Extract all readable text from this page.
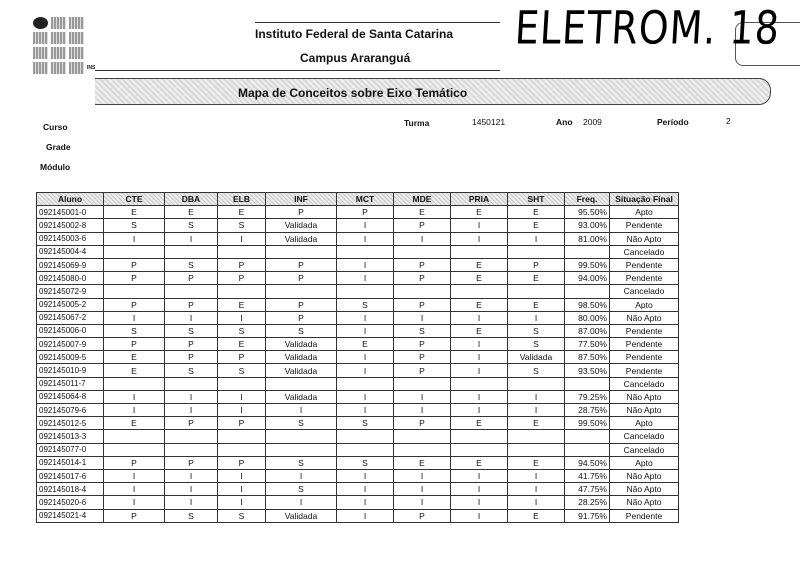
INS
Instituto Federal de Santa Catarina
Campus Araranguá
ELETROM. 18
Mapa de Conceitos sobre Eixo Temático
Curso
Grade
Módulo
Turma	1450121	Ano 2009	Período	2
Aluno	CTE	DBA	ELB	INF	MCT	MDE	PRIA	SHT	Freq.	Situação Final
092145001-0	E	E	E	P	P	E	E	E	95.50%	Apto
092145002-8	S	S	S	Validada	I	P	I	E	93.00%	Pendente
092145003-6	I	I	I	Validada	I	I	I	I	81.00%	Não Apto
092145004-4										Cancelado
092145069-9	P	S	P	P	I	P	E	P	99.50%	Pendente
092145080-0	P	P	P	P	I	P	E	E	94.00%	Pendente
092145072-9										Cancelado
092145005-2	P	P	E	P	S	P	E	E	98.50%	Apto
092145067-2	I	I	I	P	I	I	I	I	80.00%	Não Apto
092145006-0	S	S	S	S	I	S	E	S	87.00%	Pendente
092145007-9	P	P	E	Validada	E	P	I	S	77.50%	Pendente
092145009-5	E	P	P	Validada	I	P	I	Validada	87.50%	Pendente
092145010-9	E	S	S	Validada	I	P	I	S	93.50%	Pendente
092145011-7										Cancelado
092145064-8	I	I	I	Validada	I	I	I	I	79.25%	Não Apto
092145079-6	I	I	I	I	I	I	I	I	28.75%	Não Apto
092145012-5	E	P	P	S	S	P	E	E	99.50%	Apto
092145013-3										Cancelado
092145077-0										Cancelado
092145014-1	P	P	P	S	S	E	E	E	94.50%	Apto
092145017-6	I	I	I	I	I	I	I	I	41.75%	Não Apto
092145018-4	I	I	I	S	I	I	I	I	47.75%	Não Apto
092145020-6	I	I	I	I	I	I	I	I	28.25%	Não Apto
092145021-4	P	S	S	Validada	I	P	I	E	91.75%	Pendente
